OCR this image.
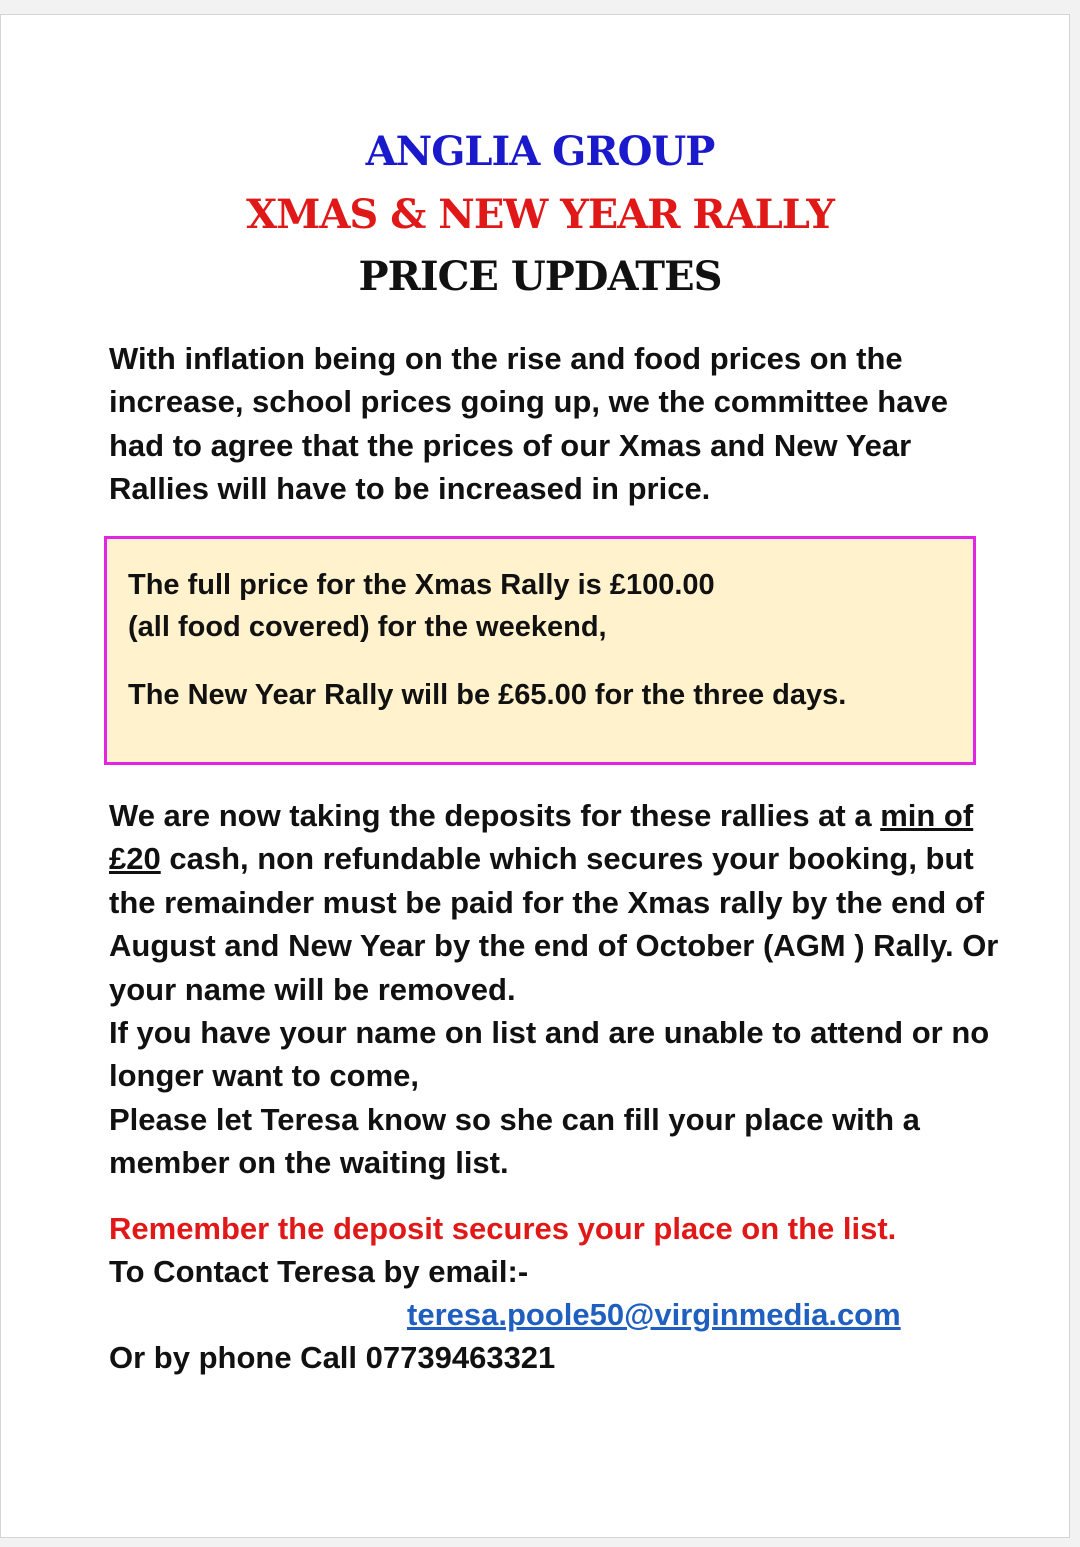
ANGLIA GROUP
XMAS & NEW YEAR RALLY
PRICE UPDATES

With inflation being on the rise and food prices on the increase, school prices going up, we the committee have had to agree that the prices of our Xmas and New Year Rallies will have to be increased in price.

The full price for the Xmas Rally is £100.00

(all food covered) for the weekend,

The New Year Rally will be £65.00 for the three days.

We are now taking the deposits for these rallies at a min of £20 cash, non refundable which secures your booking, but the remainder must be paid for the Xmas rally by the end of August and New Year by the end of October (AGM ) Rally. Or your name will be removed.
If you have your name on list and are unable to attend or no longer want to come,
Please let Teresa know so she can fill your place with a member on the waiting list.

Remember the deposit secures your place on the list.

To Contact Teresa by email:-

teresa.poole50@virginmedia.com

Or by phone Call 07739463321
